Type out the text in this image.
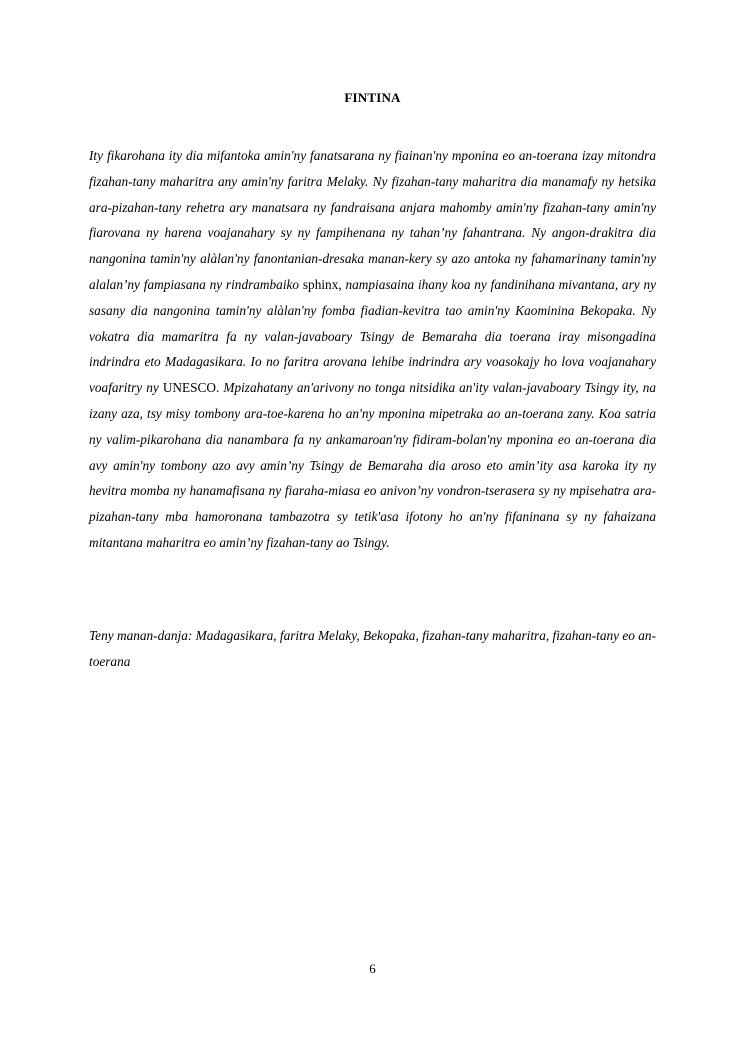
FINTINA

Ity fikarohana ity dia mifantoka amin'ny fanatsarana ny fiainan'ny mponina eo an-toerana izay mitondra fizahan-tany maharitra any amin'ny faritra Melaky. Ny fizahan-tany maharitra dia manamafy ny hetsika ara-pizahan-tany rehetra ary manatsara ny fandraisana anjara mahomby amin'ny fizahan-tany amin'ny fiarovana ny harena voajanahary sy ny fampihenana ny tahan’ny fahantrana. Ny angon-drakitra dia nangonina tamin'ny alàlan'ny fanontanian-dresaka manan-kery sy azo antoka ny fahamarinany tamin'ny alalan’ny fampiasana ny rindrambaiko sphinx, nampiasaina ihany koa ny fandinihana mivantana, ary ny sasany dia nangonina tamin'ny alàlan'ny fomba fiadian-kevitra tao amin'ny Kaominina Bekopaka. Ny vokatra dia mamaritra fa ny valan-javaboary Tsingy de Bemaraha dia toerana iray misongadina indrindra eto Madagasikara. Io no faritra arovana lehibe indrindra ary voasokajy ho lova voajanahary voafaritry ny UNESCO. Mpizahatany an'arivony no tonga nitsidika an'ity valan-javaboary Tsingy ity, na izany aza, tsy misy tombony ara-toe-karena ho an'ny mponina mipetraka ao an-toerana zany. Koa satria ny valim-pikarohana dia nanambara fa ny ankamaroan'ny fidiram-bolan'ny mponina eo an-toerana dia avy amin'ny tombony azo avy amin’ny Tsingy de Bemaraha dia aroso eto amin’ity asa karoka ity ny hevitra momba ny hanamafisana ny fiaraha-miasa eo anivon’ny vondron-tserasera sy ny mpisehatra ara-pizahan-tany mba hamoronana tambazotra sy tetik'asa ifotony ho an'ny fifaninana sy ny fahaizana mitantana maharitra eo amin’ny fizahan-tany ao Tsingy.

Teny manan-danja: Madagasikara, faritra Melaky, Bekopaka, fizahan-tany maharitra, fizahan-tany eo an-toerana

6
